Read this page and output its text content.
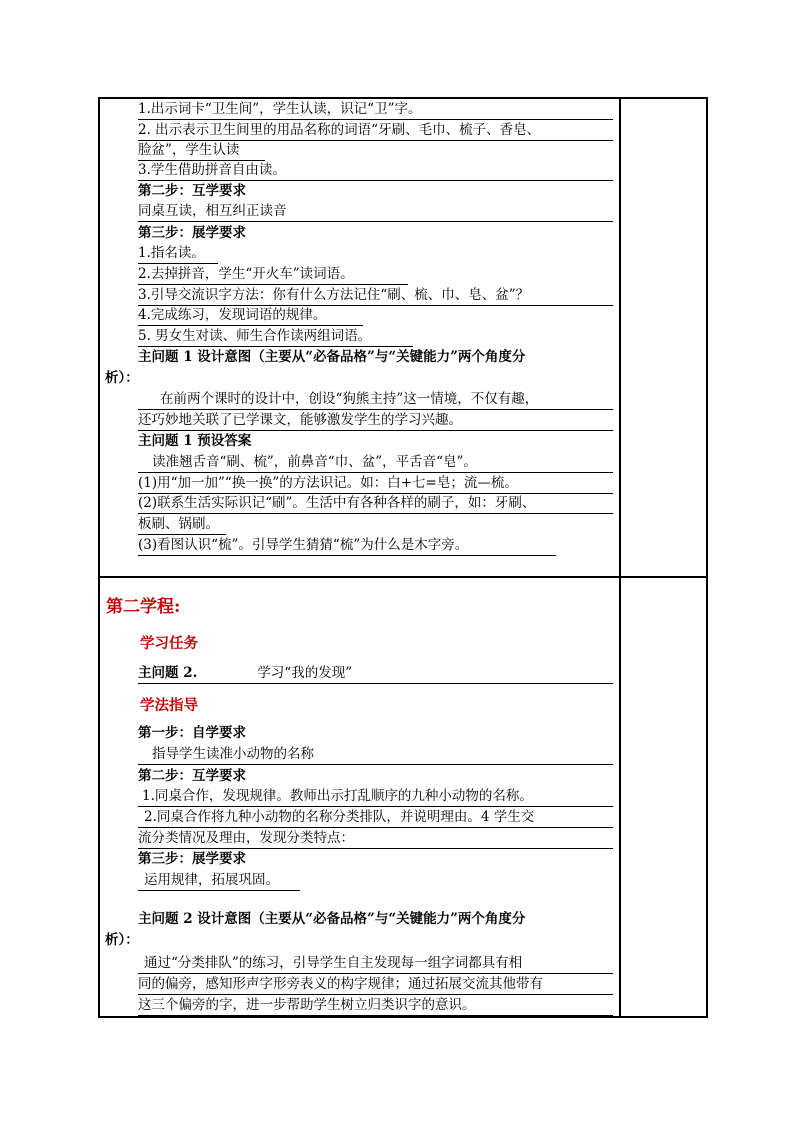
1.出示词卡“卫生间”，学生认读，识记“卫”字。
2. 出示表示卫生间里的用品名称的词语“牙刷、毛巾、梳子、香皂、
脸盆”，学生认读
3.学生借助拼音自由读。
第二步：互学要求
同桌互读，相互纠正读音
第三步：展学要求
1.指名读。
2.去掉拼音，学生“开火车”读词语。
3.引导交流识字方法：你有什么方法记住“刷、梳、巾、皂、盆”？
4.完成练习，发现词语的规律。
5. 男女生对读、师生合作读两组词语。
主问题 1 设计意图（主要从“必备品格”与“关键能力”两个角度分
析）：
在前两个课时的设计中，创设“狗熊主持”这一情境，不仅有趣，
还巧妙地关联了已学课文，能够激发学生的学习兴趣。
主问题 1 预设答案
读准翘舌音“刷、梳”，前鼻音“巾、盆”，平舌音“皂”。
(1)用“加一加”“换一换”的方法识记。如：白+七=皂；流—梳。
(2)联系生活实际识记“刷”。生活中有各种各样的刷子，如：牙刷、
板刷、锅刷。
(3)看图认识“梳”。引导学生猜猜“梳”为什么是木字旁。
第二学程:
学习任务
主问题 2.	学习“我的发现”
学法指导
第一步：自学要求
指导学生读准小动物的名称
第二步：互学要求
1.同桌合作，发现规律。教师出示打乱顺序的九种小动物的名称。
2.同桌合作将九种小动物的名称分类排队，并说明理由。4 学生交
流分类情况及理由，发现分类特点：
第三步：展学要求
运用规律，拓展巩固。
主问题 2 设计意图（主要从“必备品格”与“关键能力”两个角度分
析）：
通过“分类排队”的练习，引导学生自主发现每一组字词都具有相
同的偏旁，感知形声字形旁表义的构字规律；通过拓展交流其他带有
这三个偏旁的字，进一步帮助学生树立归类识字的意识。
